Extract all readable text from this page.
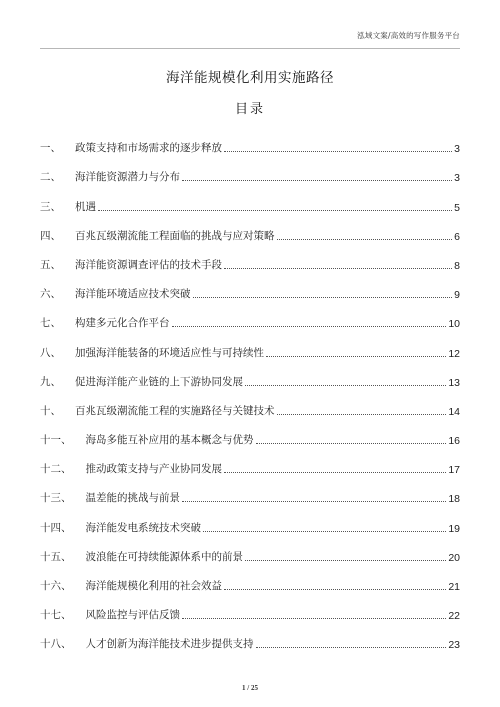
泓域文案/高效的写作服务平台
海洋能规模化利用实施路径
目录
一、	政策支持和市场需求的逐步释放	3
二、	海洋能资源潜力与分布	3
三、	机遇	5
四、	百兆瓦级潮流能工程面临的挑战与应对策略	6
五、	海洋能资源调查评估的技术手段	8
六、	海洋能环境适应技术突破	9
七、	构建多元化合作平台	10
八、	加强海洋能装备的环境适应性与可持续性	12
九、	促进海洋能产业链的上下游协同发展	13
十、	百兆瓦级潮流能工程的实施路径与关键技术	14
十一、	海岛多能互补应用的基本概念与优势	16
十二、	推动政策支持与产业协同发展	17
十三、	温差能的挑战与前景	18
十四、	海洋能发电系统技术突破	19
十五、	波浪能在可持续能源体系中的前景	20
十六、	海洋能规模化利用的社会效益	21
十七、	风险监控与评估反馈	22
十八、	人才创新为海洋能技术进步提供支持	23
1 / 25
